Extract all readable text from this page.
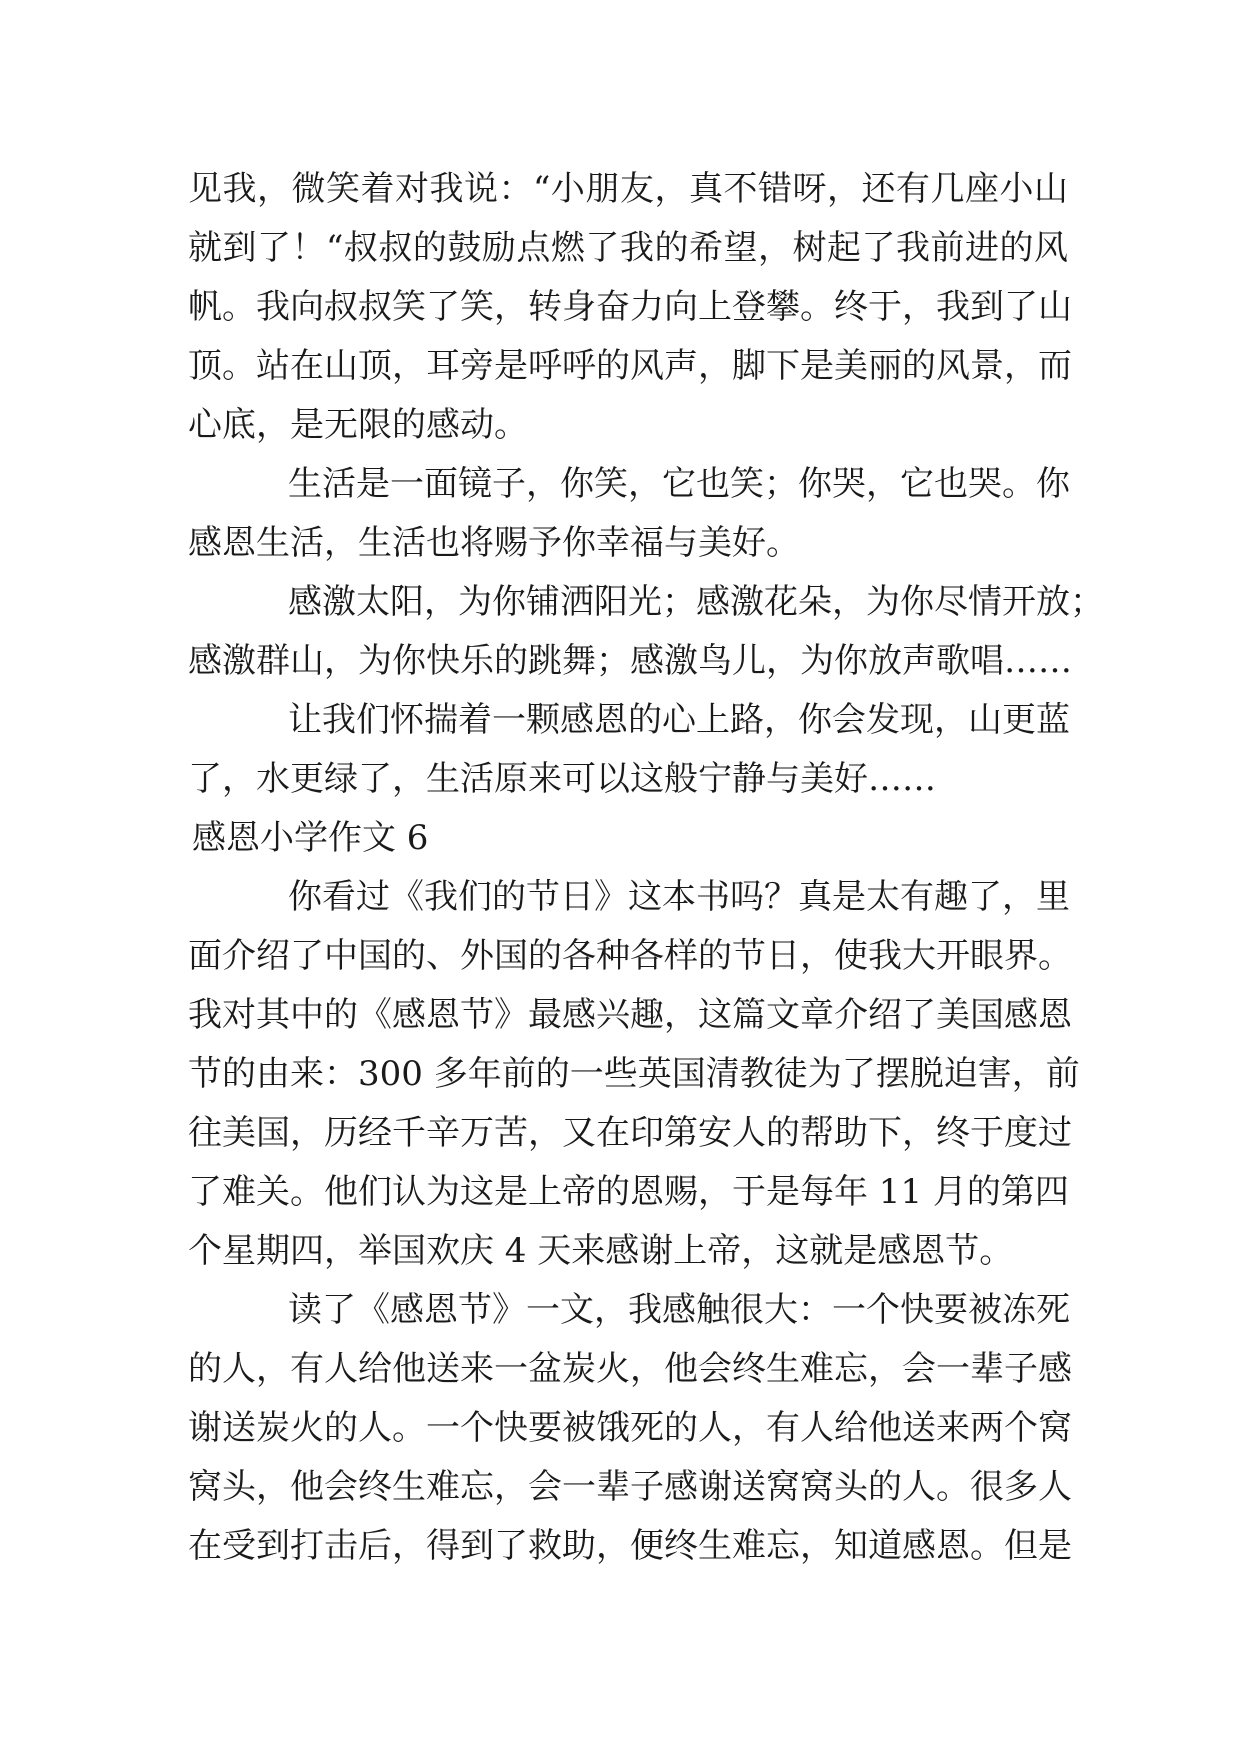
见我，微笑着对我说：“小朋友，真不错呀，还有几座小山
就到了！“叔叔的鼓励点燃了我的希望，树起了我前进的风
帆。我向叔叔笑了笑，转身奋力向上登攀。终于，我到了山
顶。站在山顶，耳旁是呼呼的风声，脚下是美丽的风景，而
心底，是无限的感动。
生活是一面镜子，你笑，它也笑；你哭，它也哭。你
感恩生活，生活也将赐予你幸福与美好。
感激太阳，为你铺洒阳光；感激花朵，为你尽情开放；
感激群山，为你快乐的跳舞；感激鸟儿，为你放声歌唱……
让我们怀揣着一颗感恩的心上路，你会发现，山更蓝
了，水更绿了，生活原来可以这般宁静与美好……
感恩小学作文 6
你看过《我们的节日》这本书吗？真是太有趣了，里
面介绍了中国的、外国的各种各样的节日，使我大开眼界。
我对其中的《感恩节》最感兴趣，这篇文章介绍了美国感恩
节的由来：300 多年前的一些英国清教徒为了摆脱迫害，前
往美国，历经千辛万苦，又在印第安人的帮助下，终于度过
了难关。他们认为这是上帝的恩赐，于是每年 11 月的第四
个星期四，举国欢庆 4 天来感谢上帝，这就是感恩节。
读了《感恩节》一文，我感触很大：一个快要被冻死
的人，有人给他送来一盆炭火，他会终生难忘，会一辈子感
谢送炭火的人。一个快要被饿死的人，有人给他送来两个窝
窝头，他会终生难忘，会一辈子感谢送窝窝头的人。很多人
在受到打击后，得到了救助，便终生难忘，知道感恩。但是
